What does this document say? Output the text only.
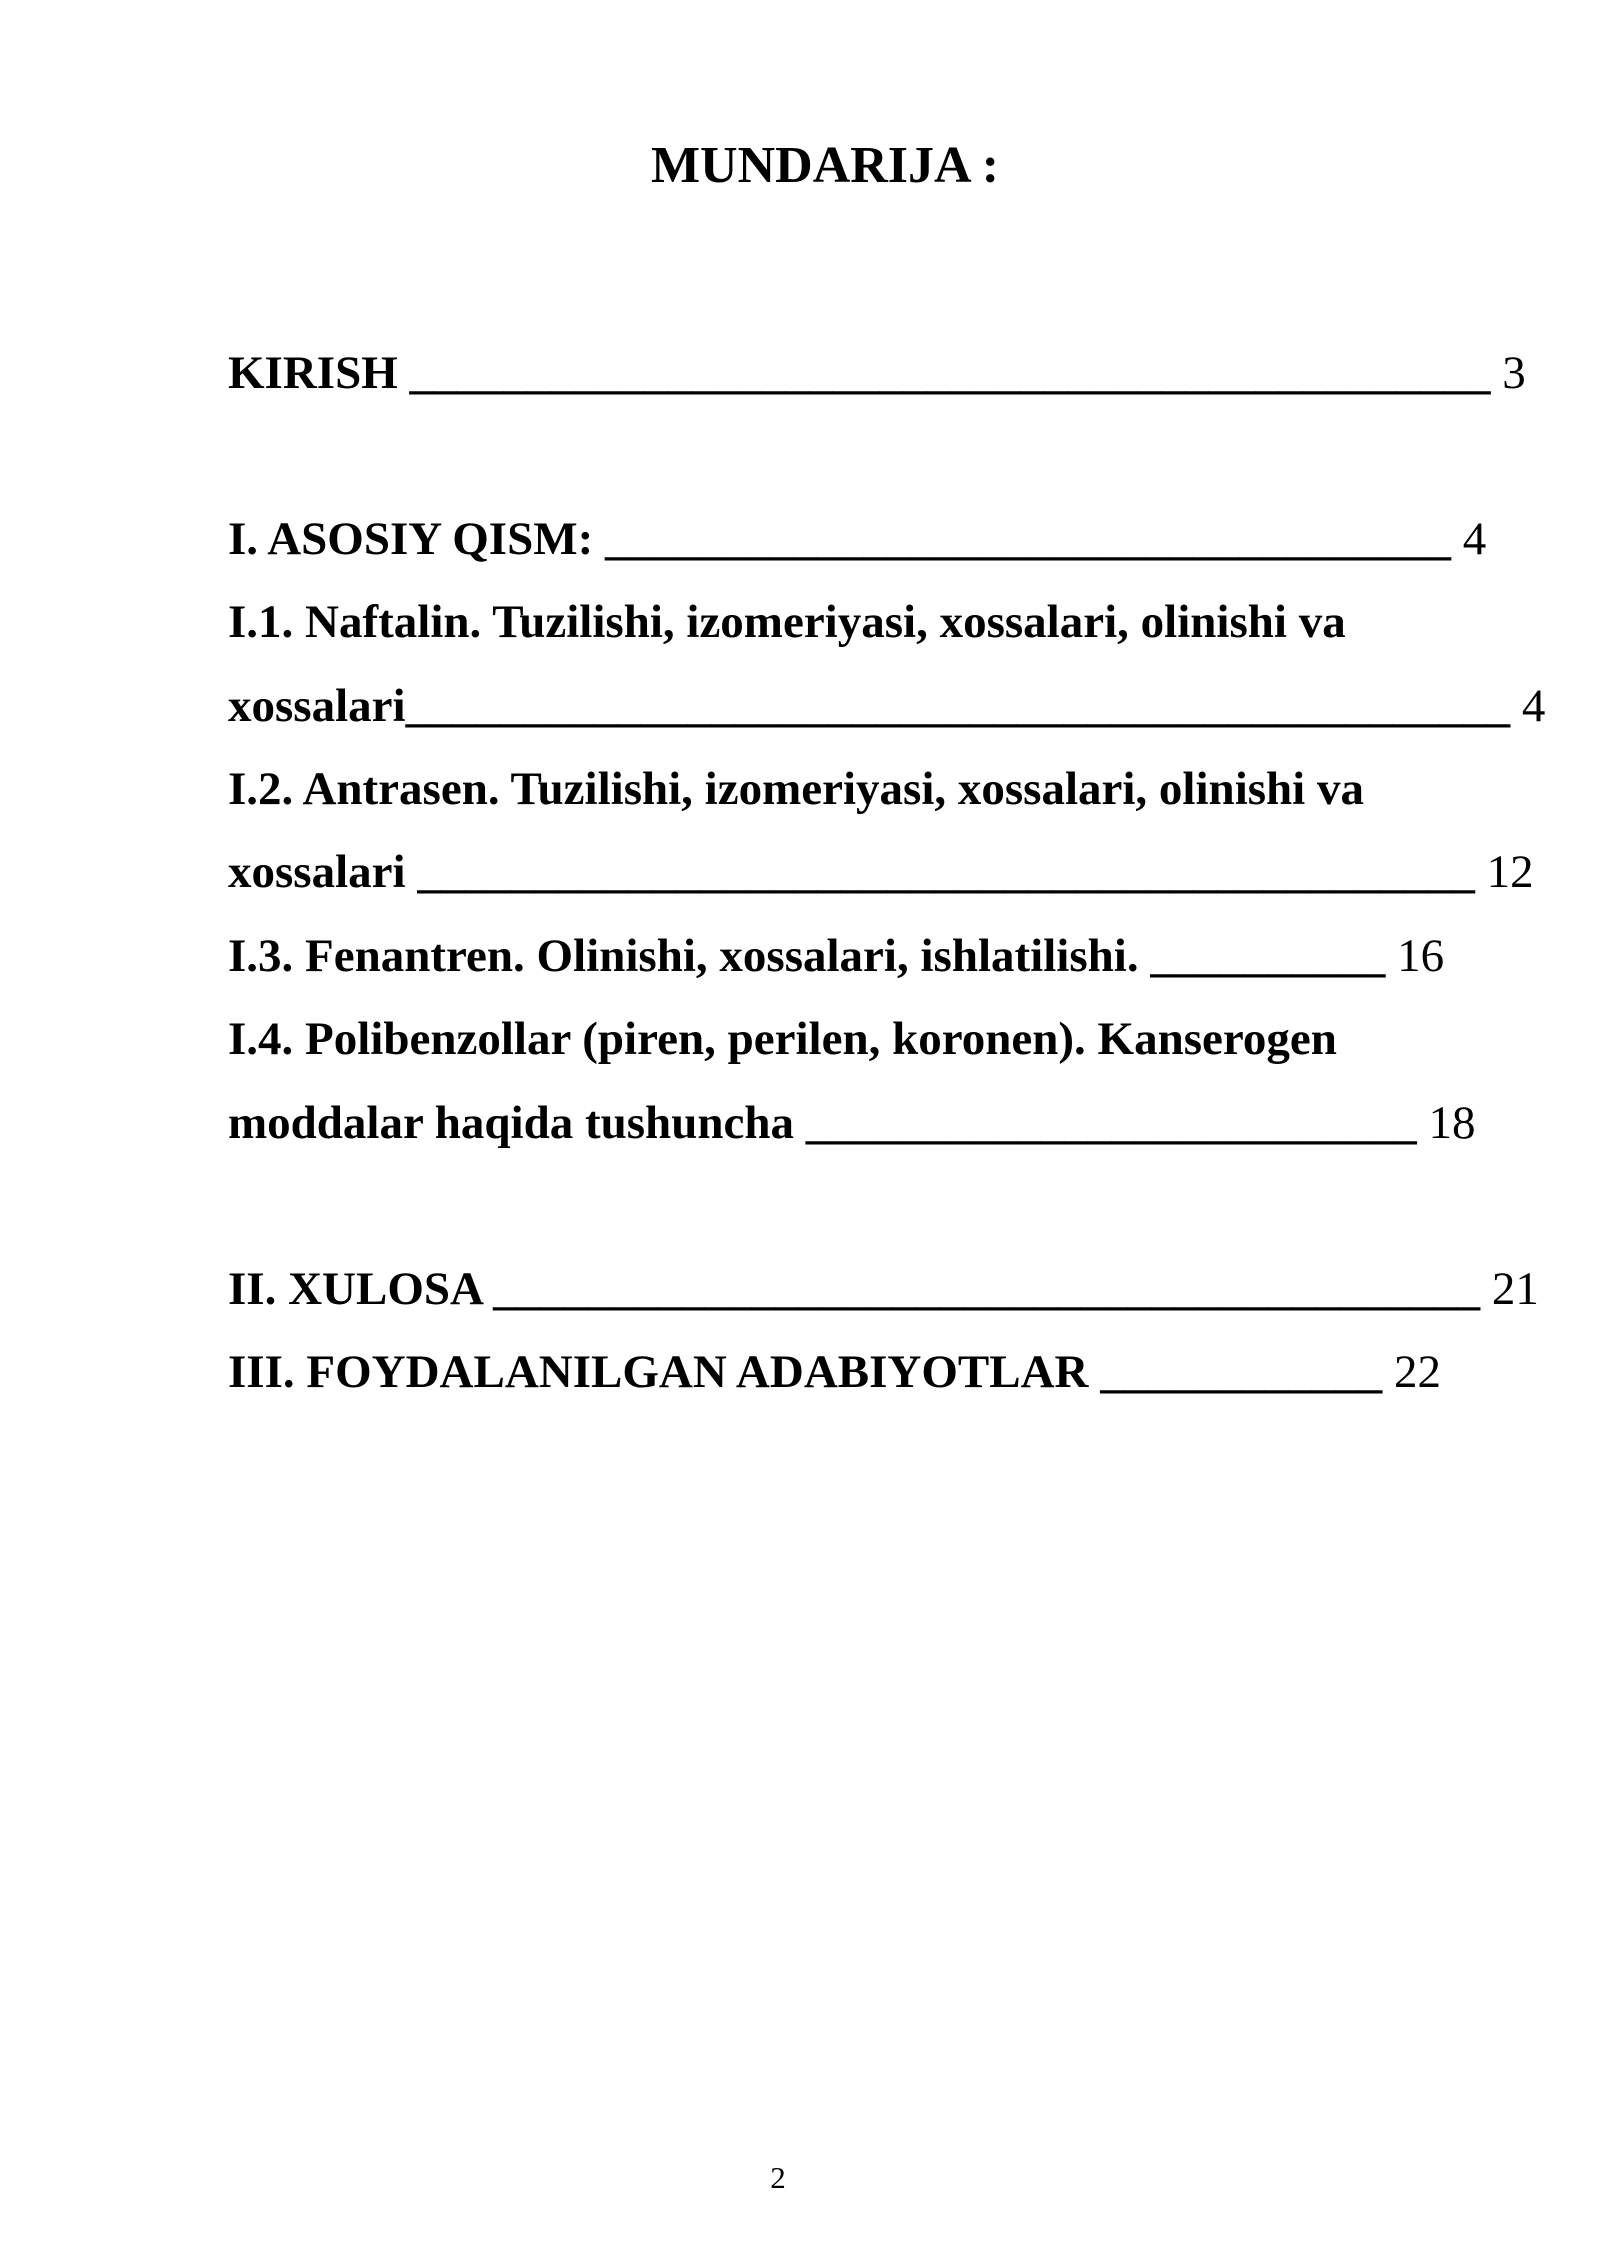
MUNDARIJA :
KIRISH ______________________________________________ 3
I. ASOSIY QISM: ____________________________________ 4
I.1. Naftalin. Tuzilishi, izomeriyasi, xossalari, olinishi va
xossalari_______________________________________________ 4
I.2. Antrasen. Tuzilishi, izomeriyasi, xossalari, olinishi va
xossalari _____________________________________________ 12
I.3. Fenantren. Olinishi, xossalari, ishlatilishi. __________ 16
I.4. Polibenzollar (piren, perilen, koronen). Kanserogen
moddalar haqida tushuncha __________________________ 18
II. XULOSA __________________________________________ 21
III. FOYDALANILGAN ADABIYOTLAR ____________ 22
2
